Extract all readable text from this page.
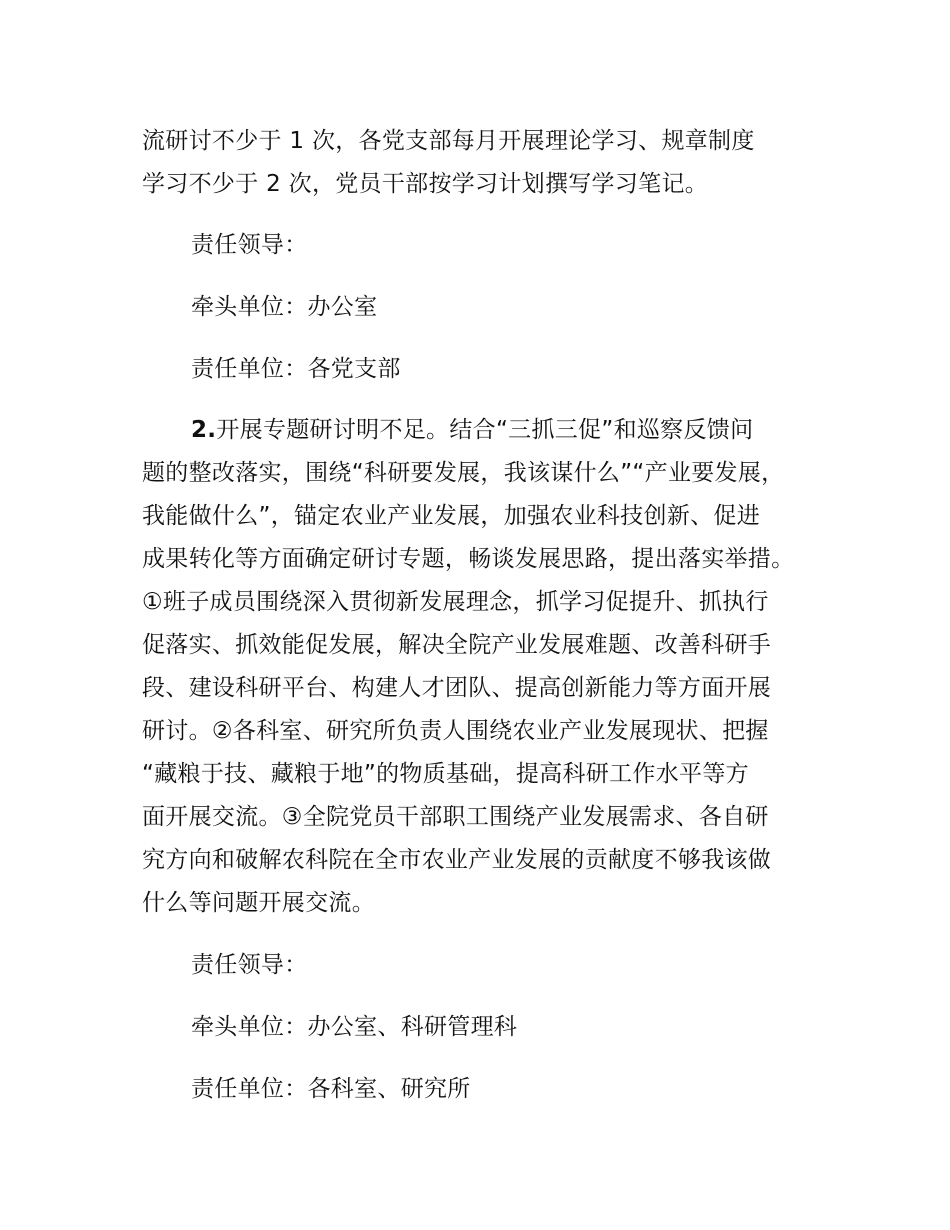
流研讨不少于 1 次，各党支部每月开展理论学习、规章制度
学习不少于 2 次，党员干部按学习计划撰写学习笔记。
责任领导：
牵头单位：办公室
责任单位：各党支部
2.开展专题研讨明不足。结合“三抓三促”和巡察反馈问
题的整改落实，围绕“科研要发展，我该谋什么”“产业要发展，
我能做什么”，锚定农业产业发展，加强农业科技创新、促进
成果转化等方面确定研讨专题，畅谈发展思路，提出落实举措。
①班子成员围绕深入贯彻新发展理念，抓学习促提升、抓执行
促落实、抓效能促发展，解决全院产业发展难题、改善科研手
段、建设科研平台、构建人才团队、提高创新能力等方面开展
研讨。②各科室、研究所负责人围绕农业产业发展现状、把握
“藏粮于技、藏粮于地”的物质基础，提高科研工作水平等方
面开展交流。③全院党员干部职工围绕产业发展需求、各自研
究方向和破解农科院在全市农业产业发展的贡献度不够我该做
什么等问题开展交流。
责任领导：
牵头单位：办公室、科研管理科
责任单位：各科室、研究所
